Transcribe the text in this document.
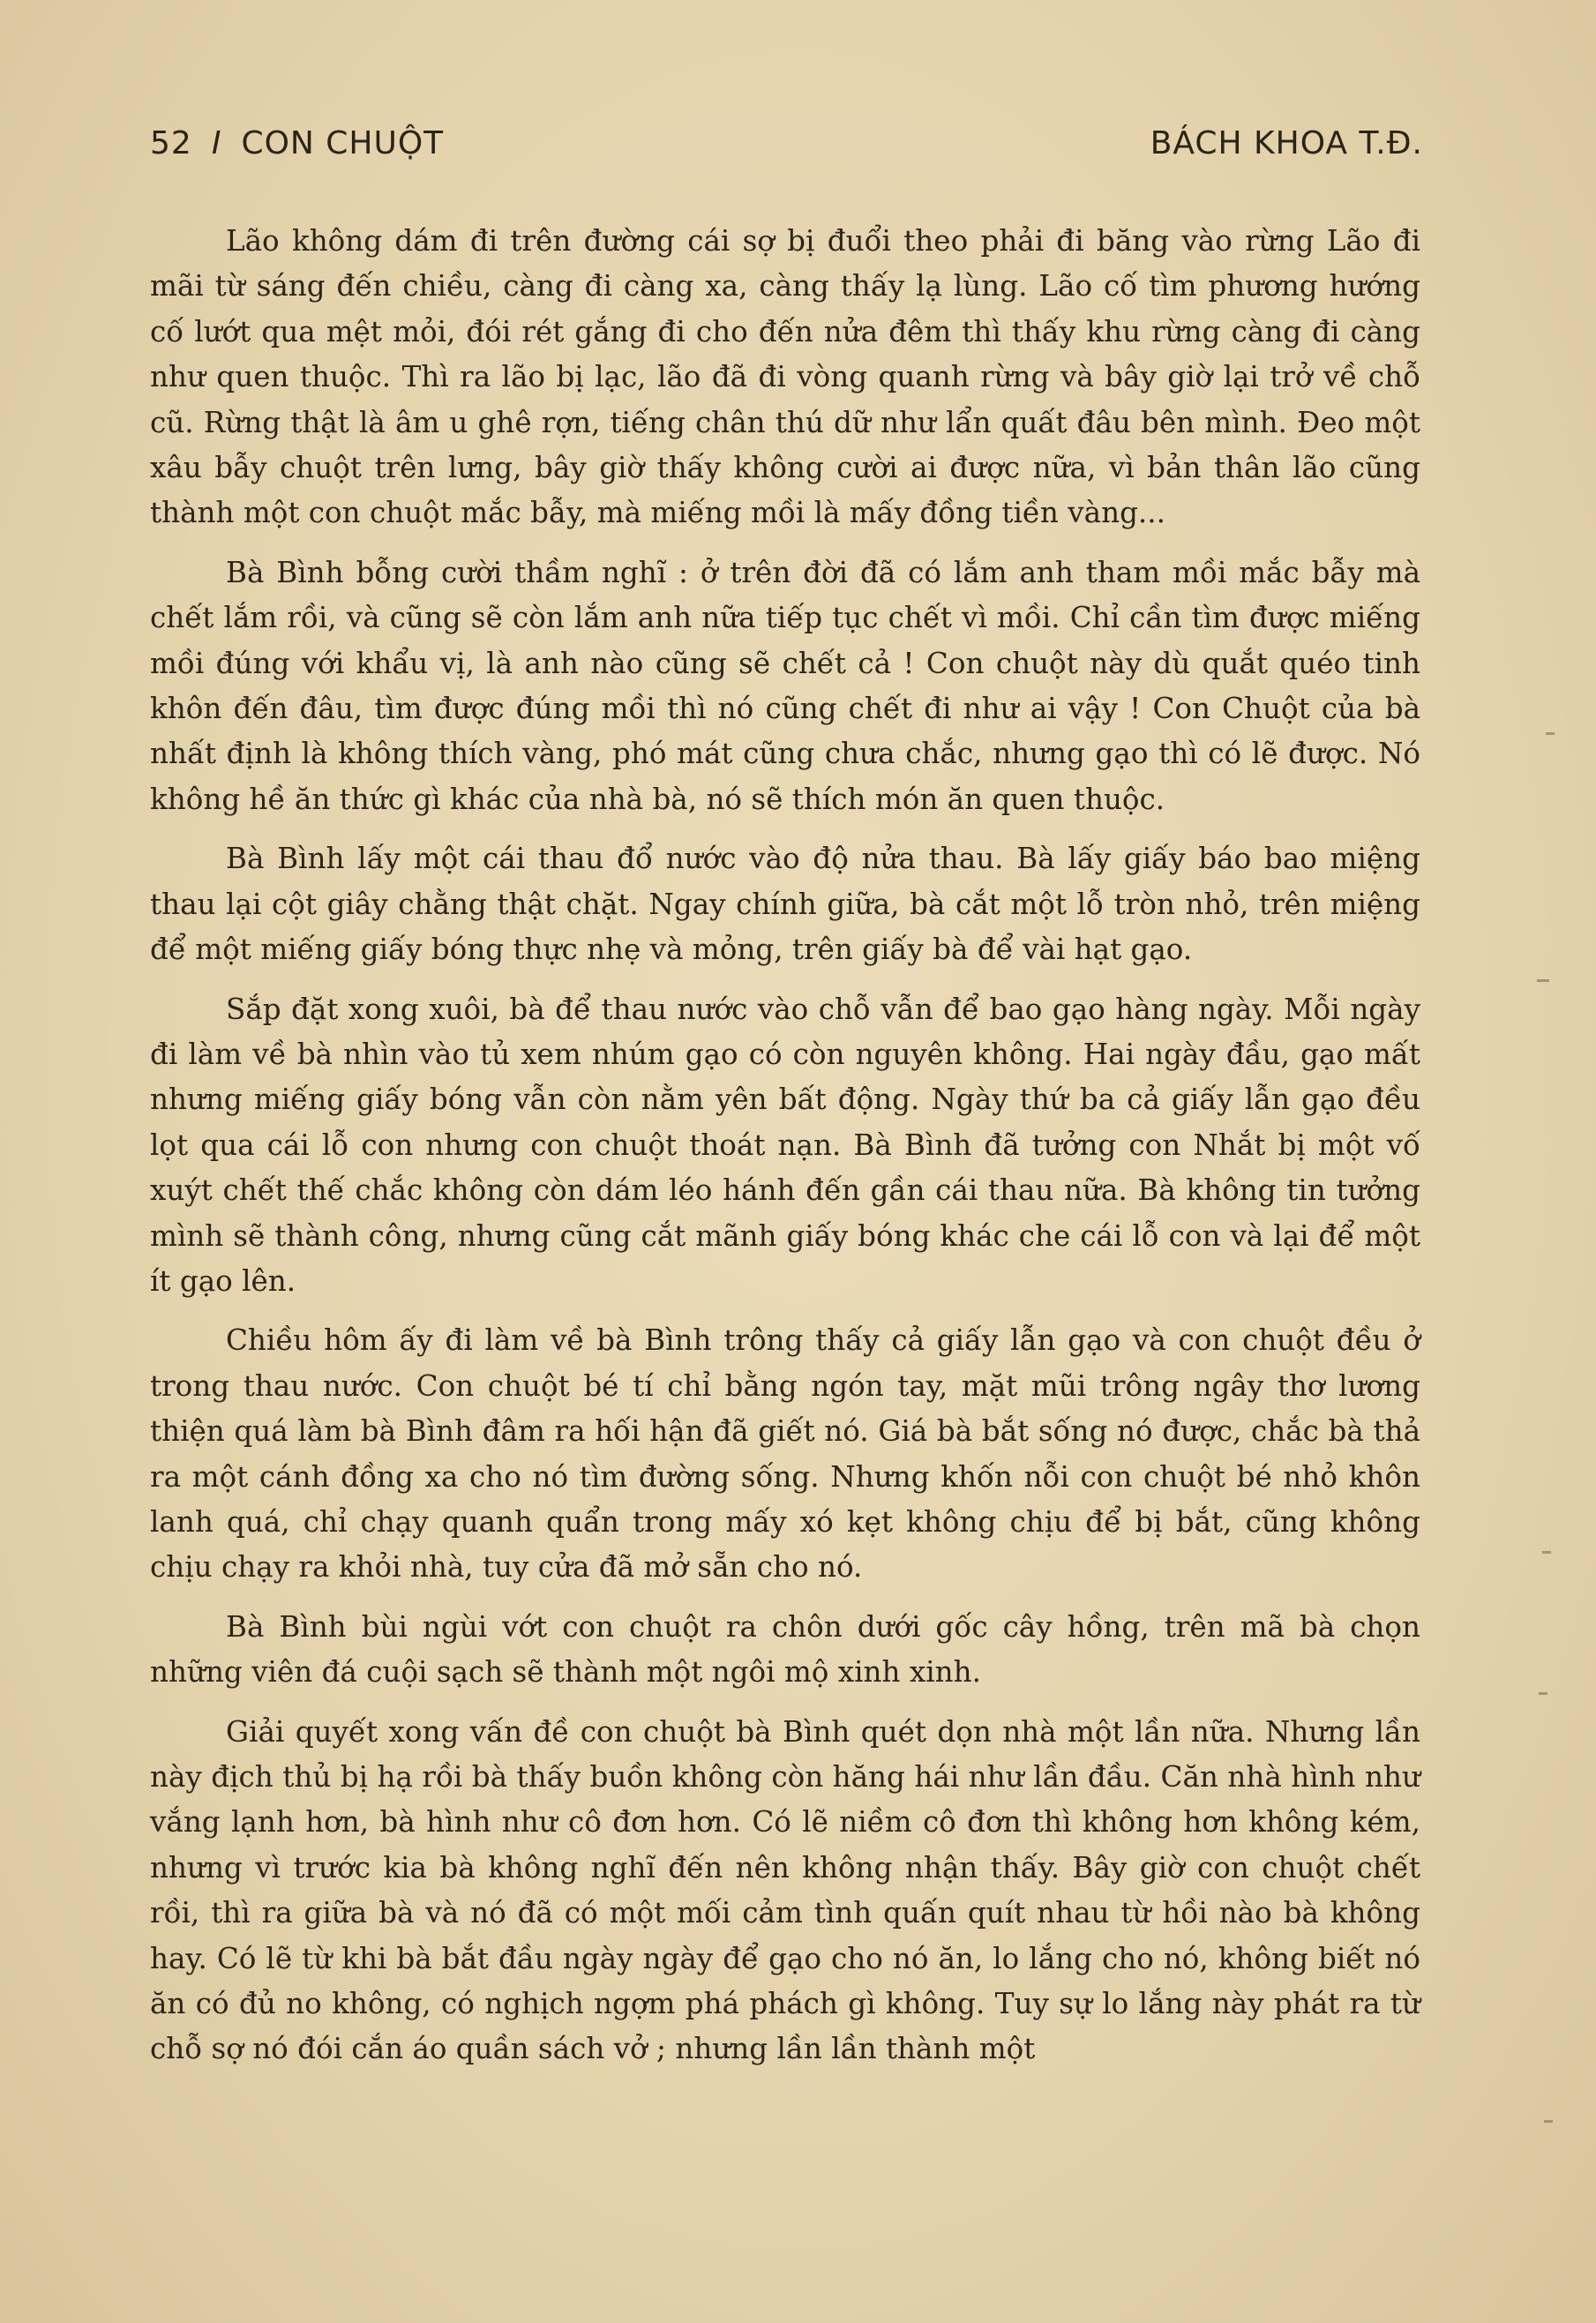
52 I CON CHUỘT	BÁCH KHOA T.Đ.

Lão không dám đi trên đường cái sợ bị đuổi theo phải đi băng vào rừng Lão đi mãi từ sáng đến chiều, càng đi càng xa, càng thấy lạ lùng. Lão cố tìm phương hướng cố lướt qua mệt mỏi, đói rét gắng đi cho đến nửa đêm thì thấy khu rừng càng đi càng như quen thuộc. Thì ra lão bị lạc, lão đã đi vòng quanh rừng và bây giờ lại trở về chỗ cũ. Rừng thật là âm u ghê rợn, tiếng chân thú dữ như lẩn quất đâu bên mình. Đeo một xâu bẫy chuột trên lưng, bây giờ thấy không cười ai được nữa, vì bản thân lão cũng thành một con chuột mắc bẫy, mà miếng mồi là mấy đồng tiền vàng...

Bà Bình bỗng cười thầm nghĩ : ở trên đời đã có lắm anh tham mồi mắc bẫy mà chết lắm rồi, và cũng sẽ còn lắm anh nữa tiếp tục chết vì mồi. Chỉ cần tìm được miếng mồi đúng với khẩu vị, là anh nào cũng sẽ chết cả ! Con chuột này dù quắt quéo tinh khôn đến đâu, tìm được đúng mồi thì nó cũng chết đi như ai vậy ! Con Chuột của bà nhất định là không thích vàng, phó mát cũng chưa chắc, nhưng gạo thì có lẽ được. Nó không hề ăn thức gì khác của nhà bà, nó sẽ thích món ăn quen thuộc.

Bà Bình lấy một cái thau đổ nước vào độ nửa thau. Bà lấy giấy báo bao miệng thau lại cột giây chằng thật chặt. Ngay chính giữa, bà cắt một lỗ tròn nhỏ, trên miệng để một miếng giấy bóng thực nhẹ và mỏng, trên giấy bà để vài hạt gạo.

Sắp đặt xong xuôi, bà để thau nước vào chỗ vẫn để bao gạo hàng ngày. Mỗi ngày đi làm về bà nhìn vào tủ xem nhúm gạo có còn nguyên không. Hai ngày đầu, gạo mất nhưng miếng giấy bóng vẫn còn nằm yên bất động. Ngày thứ ba cả giấy lẫn gạo đều lọt qua cái lỗ con nhưng con chuột thoát nạn. Bà Bình đã tưởng con Nhắt bị một vố xuýt chết thế chắc không còn dám léo hánh đến gần cái thau nữa. Bà không tin tưởng mình sẽ thành công, nhưng cũng cắt mãnh giấy bóng khác che cái lỗ con và lại để một ít gạo lên.

Chiều hôm ấy đi làm về bà Bình trông thấy cả giấy lẫn gạo và con chuột đều ở trong thau nước. Con chuột bé tí chỉ bằng ngón tay, mặt mũi trông ngây thơ lương thiện quá làm bà Bình đâm ra hối hận đã giết nó. Giá bà bắt sống nó được, chắc bà thả ra một cánh đồng xa cho nó tìm đường sống. Nhưng khốn nỗi con chuột bé nhỏ khôn lanh quá, chỉ chạy quanh quẩn trong mấy xó kẹt không chịu để bị bắt, cũng không chịu chạy ra khỏi nhà, tuy cửa đã mở sẵn cho nó.

Bà Bình bùi ngùi vớt con chuột ra chôn dưới gốc cây hồng, trên mã bà chọn những viên đá cuội sạch sẽ thành một ngôi mộ xinh xinh.

Giải quyết xong vấn đề con chuột bà Bình quét dọn nhà một lần nữa. Nhưng lần này địch thủ bị hạ rồi bà thấy buồn không còn hăng hái như lần đầu. Căn nhà hình như vắng lạnh hơn, bà hình như cô đơn hơn. Có lẽ niềm cô đơn thì không hơn không kém, nhưng vì trước kia bà không nghĩ đến nên không nhận thấy. Bây giờ con chuột chết rồi, thì ra giữa bà và nó đã có một mối cảm tình quấn quít nhau từ hồi nào bà không hay. Có lẽ từ khi bà bắt đầu ngày ngày để gạo cho nó ăn, lo lắng cho nó, không biết nó ăn có đủ no không, có nghịch ngợm phá phách gì không. Tuy sự lo lắng này phát ra từ chỗ sợ nó đói cắn áo quần sách vở ; nhưng lần lần thành một
